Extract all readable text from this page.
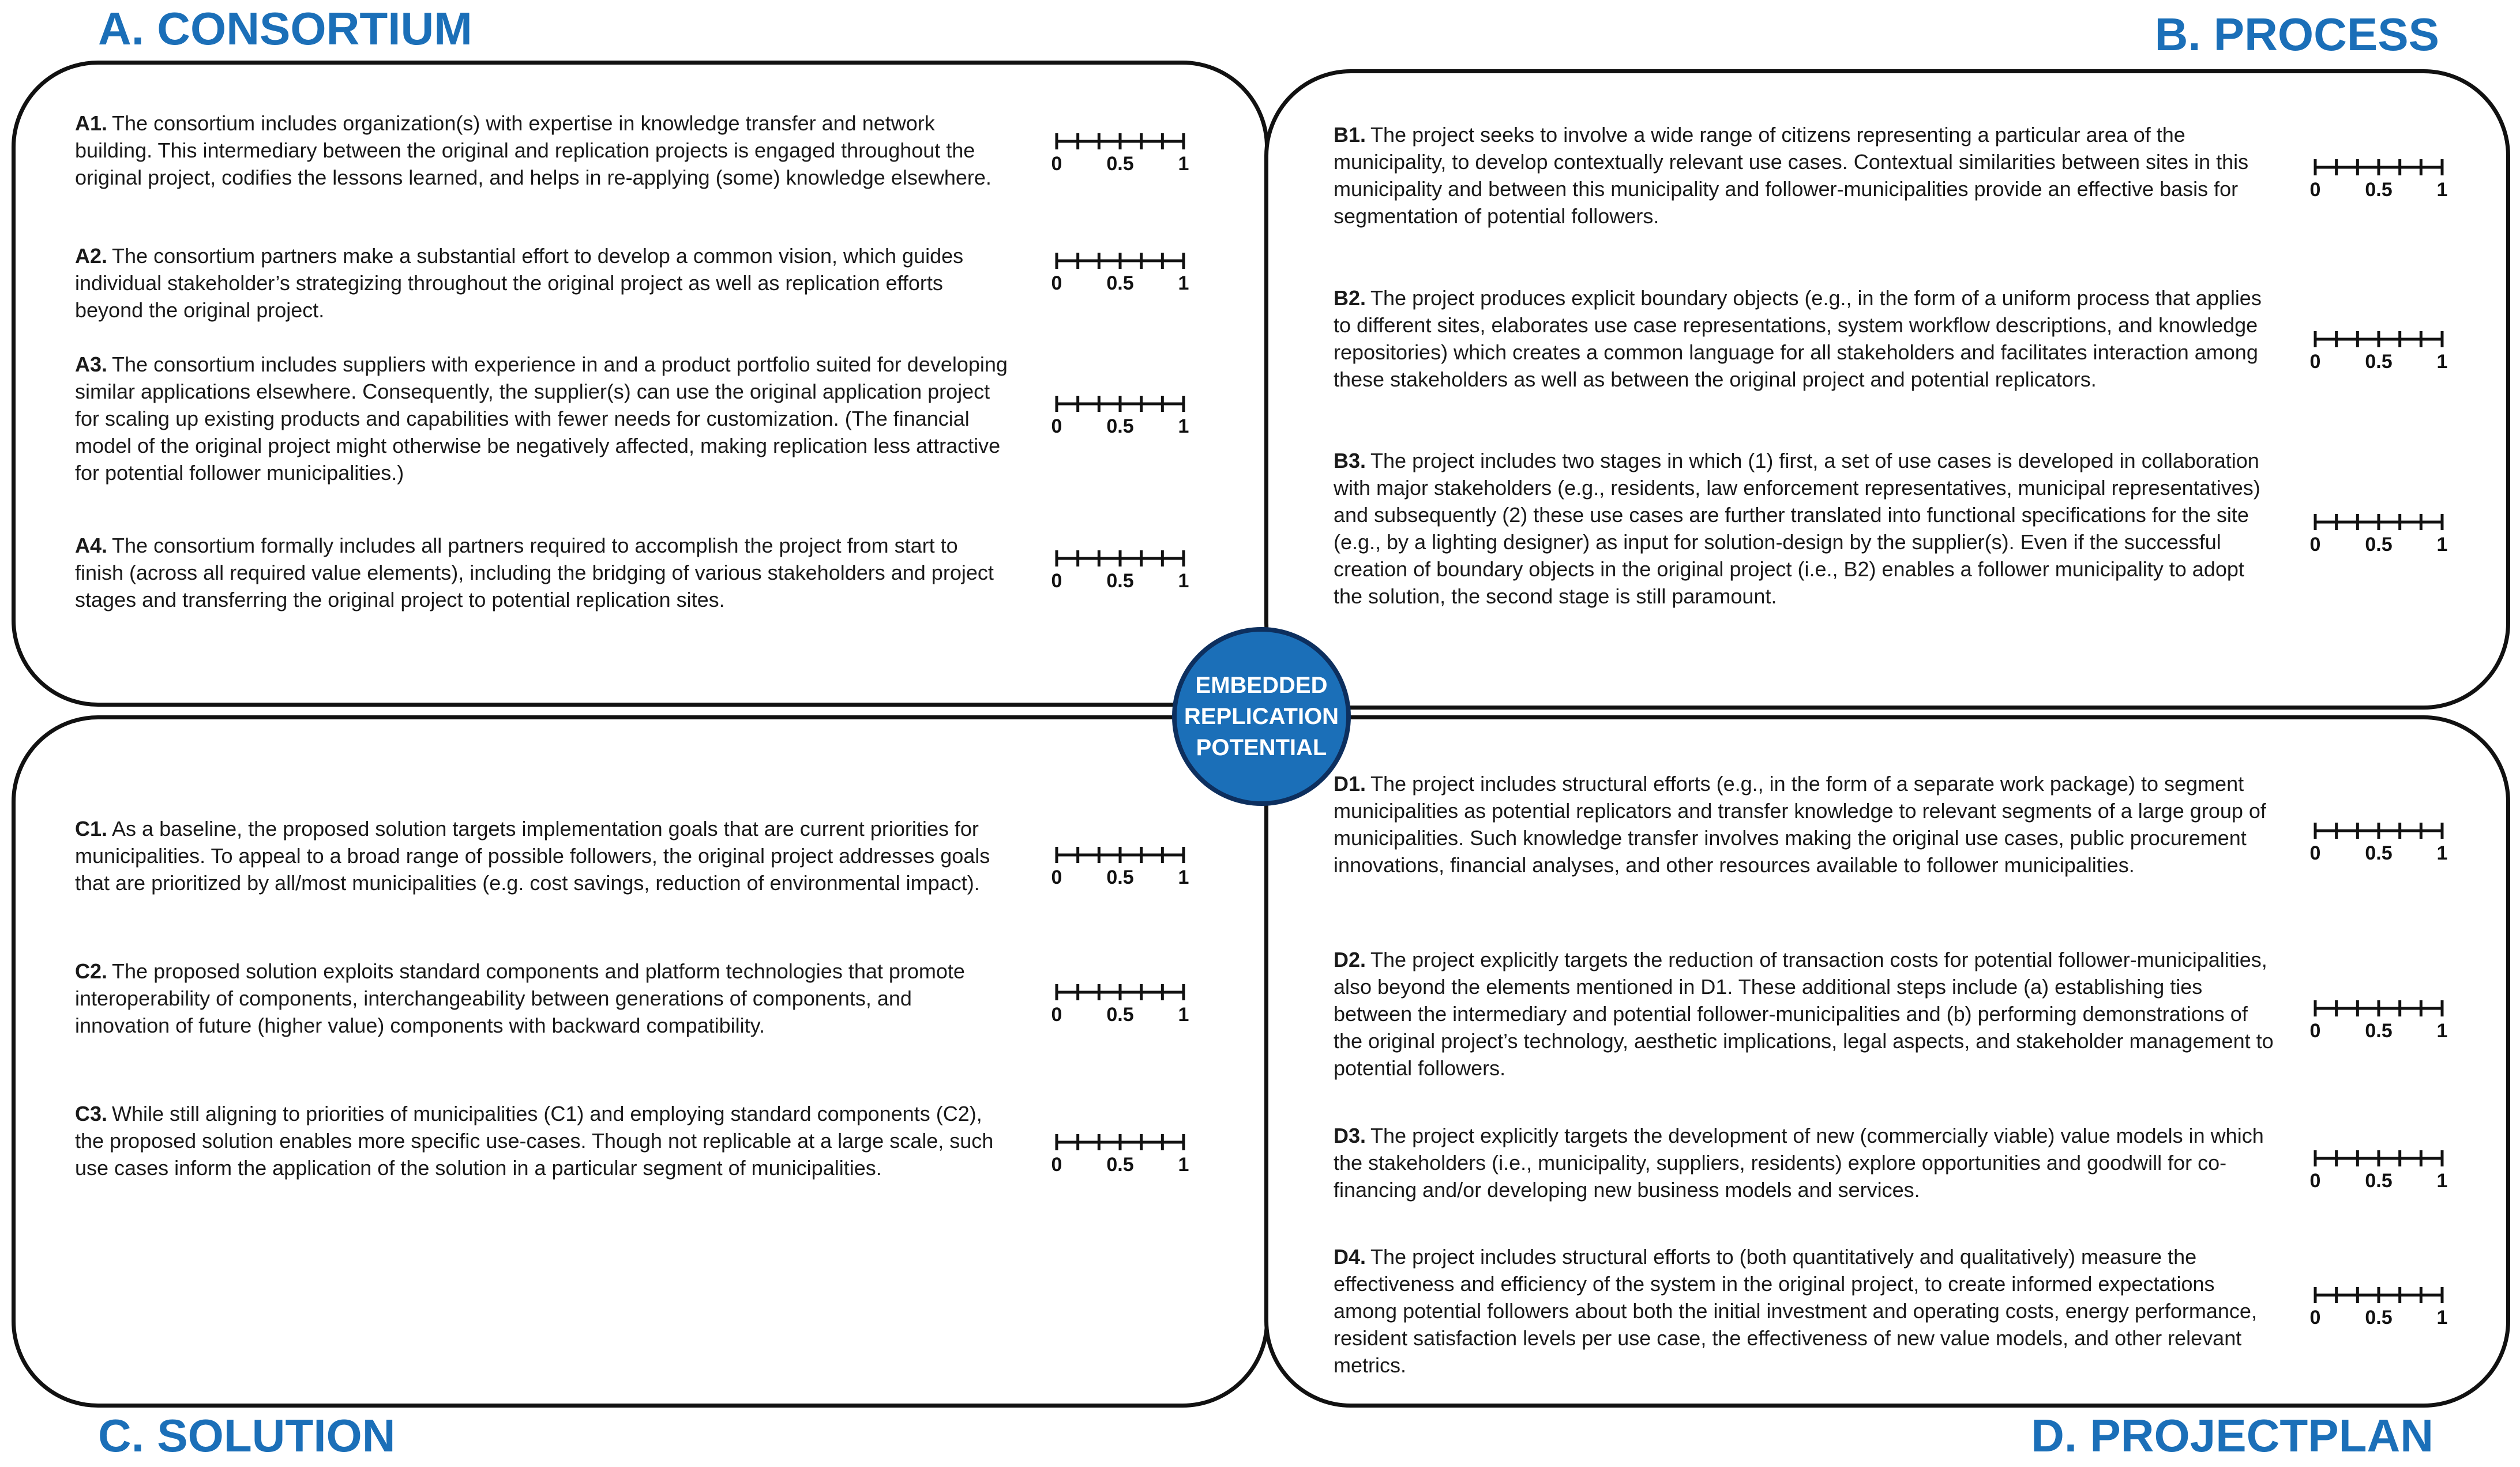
A. CONSORTIUM	B. PROCESS
C. SOLUTION	D. PROJECTPLAN
A1. The consortium includes organization(s) with expertise in knowledge transfer and network building. This intermediary between the original and replication projects is engaged throughout the original project, codifies the lessons learned, and helps in re-applying (some) knowledge elsewhere.
A2. The consortium partners make a substantial effort to develop a common vision, which guides individual stakeholder’s strategizing throughout the original project as well as replication efforts beyond the original project.
A3. The consortium includes suppliers with experience in and a product portfolio suited for developing similar applications elsewhere. Consequently, the supplier(s) can use the original application project for scaling up existing products and capabilities with fewer needs for customization. (The financial model of the original project might otherwise be negatively affected, making replication less attractive for potential follower municipalities.)
A4. The consortium formally includes all partners required to accomplish the project from start to finish (across all required value elements), including the bridging of various stakeholders and project stages and transferring the original project to potential replication sites.
C1. As a baseline, the proposed solution targets implementation goals that are current priorities for municipalities. To appeal to a broad range of possible followers, the original project addresses goals that are prioritized by all/most municipalities (e.g. cost savings, reduction of environmental impact).
C2. The proposed solution exploits standard components and platform technologies that promote interoperability of components, interchangeability between generations of components, and innovation of future (higher value) components with backward compatibility.
C3. While still aligning to priorities of municipalities (C1) and employing standard components (C2), the proposed solution enables more specific use-cases. Though not replicable at a large scale, such use cases inform the application of the solution in a particular segment of municipalities.
B1. The project seeks to involve a wide range of citizens representing a particular area of the municipality, to develop contextually relevant use cases. Contextual similarities between sites in this municipality and between this municipality and follower-municipalities provide an effective basis for segmentation of potential followers.
B2. The project produces explicit boundary objects (e.g., in the form of a uniform process that applies to different sites, elaborates use case representations, system workflow descriptions, and knowledge repositories) which creates a common language for all stakeholders and facilitates interaction among these stakeholders as well as between the original project and potential replicators.
B3. The project includes two stages in which (1) first, a set of use cases is developed in collaboration with major stakeholders (e.g., residents, law enforcement representatives, municipal representatives) and subsequently (2) these use cases are further translated into functional specifications for the site (e.g., by a lighting designer) as input for solution-design by the supplier(s). Even if the successful creation of boundary objects in the original project (i.e., B2) enables a follower municipality to adopt the solution, the second stage is still paramount.
D1. The project includes structural efforts (e.g., in the form of a separate work package) to segment municipalities as potential replicators and transfer knowledge to relevant segments of a large group of municipalities. Such knowledge transfer involves making the original use cases, public procurement innovations, financial analyses, and other resources available to follower municipalities.
D2. The project explicitly targets the reduction of transaction costs for potential follower-municipalities, also beyond the elements mentioned in D1. These additional steps include (a) establishing ties between the intermediary and potential follower-municipalities and (b) performing demonstrations of the original project’s technology, aesthetic implications, legal aspects, and stakeholder management to potential followers.
D3. The project explicitly targets the development of new (commercially viable) value models in which the stakeholders (i.e., municipality, suppliers, residents) explore opportunities and goodwill for co-financing and/or developing new business models and services.
D4. The project includes structural efforts to (both quantitatively and qualitatively) measure the effectiveness and efficiency of the system in the original project, to create informed expectations among potential followers about both the initial investment and operating costs, energy performance, resident satisfaction levels per use case, the effectiveness of new value models, and other relevant metrics.
0 0.5 1
0 0.5 1
0 0.5 1
0 0.5 1
0 0.5 1
0 0.5 1
0 0.5 1
0 0.5 1
0 0.5 1
0 0.5 1
0 0.5 1
0 0.5 1
0 0.5 1
0 0.5 1
EMBEDDED
REPLICATION
POTENTIAL
